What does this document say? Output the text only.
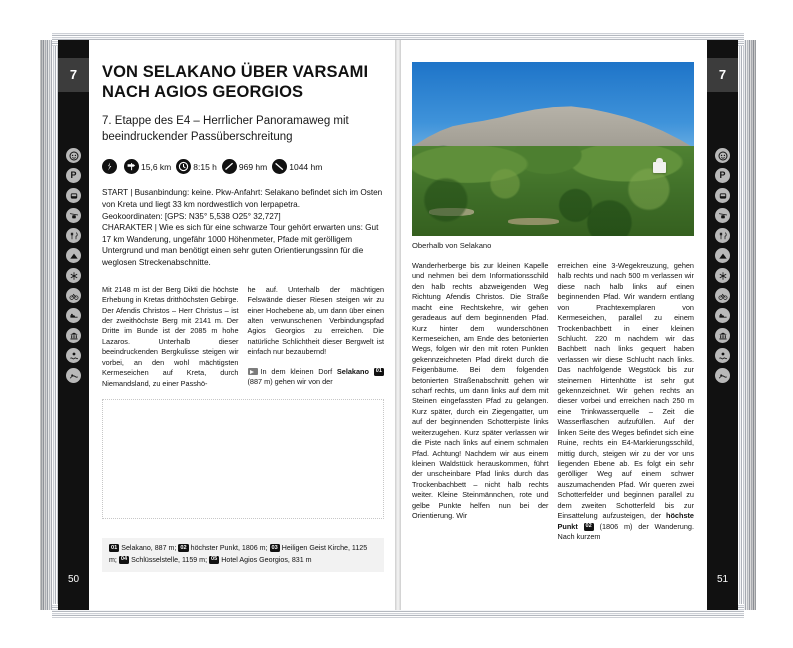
7
P
50
VON SELAKANO ÜBER VARSAMI NACH AGIOS GEORGIOS

7. Etappe des E4 – Herrlicher Panoramaweg mit beeindruckender Passüberschreitung

15,6 km	8:15 h	969 hm	1044 hm

START | Busanbindung: keine. Pkw-Anfahrt: Selakano befindet sich im Osten von Kreta und liegt 33 km nordwestlich von Ierpapetra.

Geokoordinaten: [GPS: N35° 5,538 O25° 32,727]

CHARAKTER | Wie es sich für eine schwarze Tour gehört erwarten uns: Gut 17 km Wanderung, ungefähr 1000 Höhenmeter, Pfade mit gerölligem Untergrund und man benötigt einen sehr guten Orientierungssinn für die weglosen Streckenabschnitte.

Mit 2148 m ist der Berg Dikti die höchste Erhebung in Kretas dritthöchsten Gebirge. Der Afendis Christos – Herr Christus – ist der zweithöchste Berg mit 2141 m. Der Dritte im Bunde ist der 2085 m hohe Lazaros. Unterhalb dieser beeindruckenden Bergkulisse steigen wir vorbei, an den wohl mächtigsten Kermeseichen auf Kreta, durch Niemandsland, zu einer Passhö-

he auf. Unterhalb der mächtigen Felswände dieser Riesen steigen wir zu einer Hochebene ab, um dann über einen alten verwunschenen Verbindungspfad Agios Georgios zu erreichen. Die natürliche Schlichtheit dieser Bergwelt ist einfach nur bezaubernd!

In dem kleinen Dorf Selakano 01 (887 m) gehen wir von der
01 Selakano, 887 m; 02 höchster Punkt, 1806 m; 03 Heiligen Geist Kirche, 1125 m; 04 Schlüsselstelle, 1159 m; 05 Hotel Agios Georgios, 831 m
7
P
51
Oberhalb von Selakano

Wanderherberge bis zur kleinen Kapelle und nehmen bei dem Informationsschild den halb rechts abzweigenden Weg Richtung Afendis Christos. Die Straße macht eine Rechtskehre, wir gehen geradeaus auf dem beginnenden Pfad. Kurz hinter dem wunderschönen Kermeseichen, am Ende des betonierten Wegs, folgen wir den mit roten Punkten gekennzeichneten Pfad direkt durch die Feigenbäume. Bei dem folgenden betonierten Straßenabschnitt gehen wir scharf rechts, um dann links auf dem mit Steinen eingefassten Pfad zu gelangen. Kurz später, durch ein Ziegengatter, um auf der beginnenden Schotterpiste links weiterzugehen. Kurz später verlassen wir die Piste nach links auf einem schmalen Pfad. Achtung! Nachdem wir aus einem kleinen Waldstück herauskommen, führt der unscheinbare Pfad links durch das Trockenbachbett – nicht halb rechts weiter. Kleine Steinmännchen, rote und gelbe Punkte helfen nun bei der Orientierung. Wir

erreichen eine 3-Wegekreuzung, gehen halb rechts und nach 500 m verlassen wir diese nach halb links auf einen beginnenden Pfad. Wir wandern entlang von Prachtexemplaren von Kermeseichen, parallel zu einem Trockenbachbett in einer kleinen Schlucht. 220 m nachdem wir das Bachbett nach links gequert haben verlassen wir diese Schlucht nach links. Das nachfolgende Wegstück bis zur steinernen Hirtenhütte ist sehr gut gekennzeichnet. Wir gehen rechts an dieser vorbei und erreichen nach 250 m eine Trinkwasserquelle – Zeit die Wasserflaschen aufzufüllen. Auf der linken Seite des Weges befindet sich eine Ruine, rechts ein E4-Markierungsschild, mittig durch, steigen wir zu der vor uns liegenden Ebene ab. Es folgt ein sehr gerölliger Weg auf einem schwer auszumachenden Pfad. Wir queren zwei Schotterfelder und beginnen parallel zu dem zweiten Schotterfeld bis zur Einsattelung aufzusteigen, der höchste Punkt 02 (1806 m) der Wanderung. Nach kurzem
